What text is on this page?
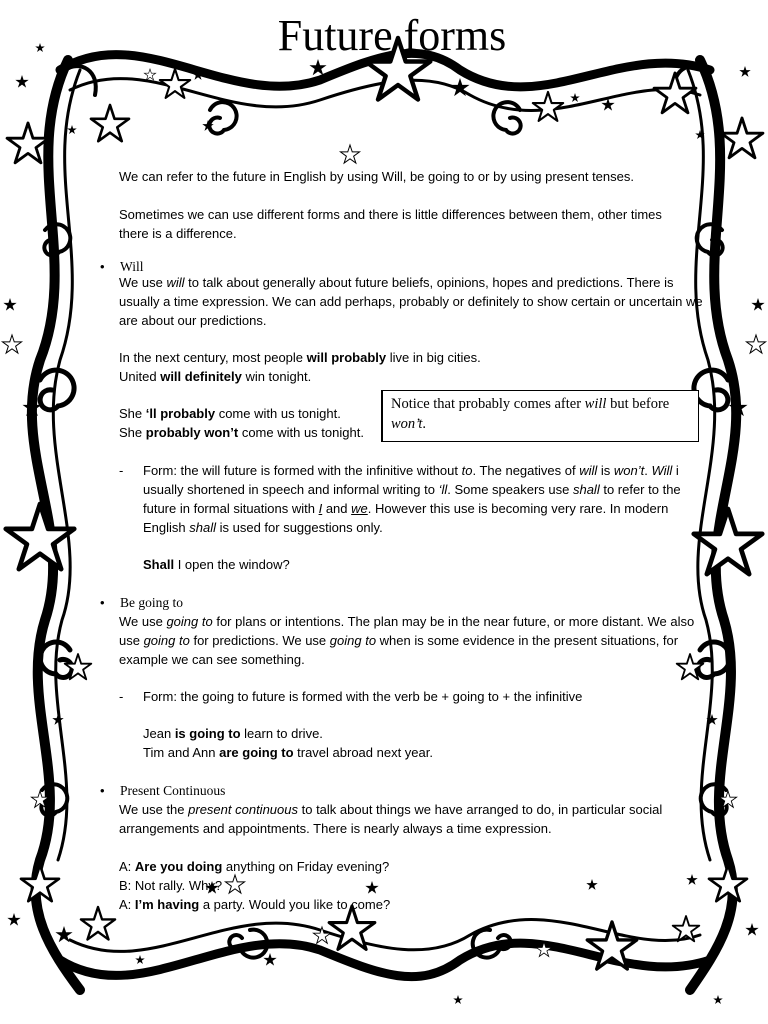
Future forms
We can refer to the future in English by using Will, be going to or by using present tenses.
Sometimes we can use different forms and there is little differences between them, other times
there is a difference.
• Will
We use will to talk about generally about future beliefs, opinions, hopes and predictions. There is
usually a time expression. We can add perhaps, probably or definitely to show certain or uncertain we
are about our predictions.
In the next century, most people will probably live in big cities.
United will definitely win tonight.
She ‘ll probably come with us tonight.
She probably won’t come with us tonight.
Notice that probably comes after will but before
won’t.
- Form: the will future is formed with the infinitive without to. The negatives of will is won’t. Will i
usually shortened in speech and informal writing to ‘ll. Some speakers use shall to refer to the
future in formal situations with I and we. However this use is becoming very rare. In modern
English shall is used for suggestions only.
Shall I open the window?
• Be going to
We use going to for plans or intentions. The plan may be in the near future, or more distant. We also
use going to for predictions. We use going to when is some evidence in the present situations, for
example we can see something.
- Form: the going to future is formed with the verb be + going to + the infinitive
Jean is going to learn to drive.
Tim and Ann are going to travel abroad next year.
• Present Continuous
We use the present continuous to talk about things we have arranged to do, in particular social
arrangements and appointments. There is nearly always a time expression.
A: Are you doing anything on Friday evening?
B: Not rally. Why?
A: I’m having a party. Would you like to come?
